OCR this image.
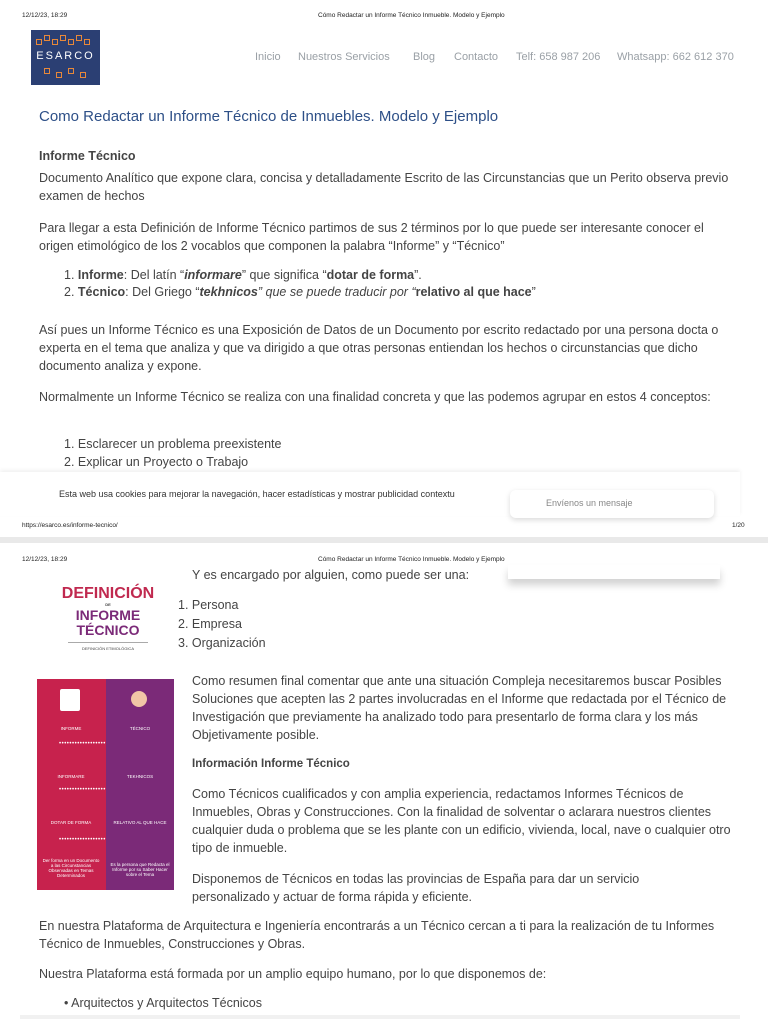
12/12/23, 18:29	Cómo Redactar un Informe Técnico Inmueble. Modelo y Ejemplo
ESARCO	Inicio Nuestros Servicios Blog Contacto Telf: 658 987 206 Whatsapp: 662 612 370
Como Redactar un Informe Técnico de Inmuebles. Modelo y Ejemplo
Informe Técnico
Documento Analítico que expone clara, concisa y detalladamente Escrito de las Circunstancias que un Perito observa previo examen de hechos
Para llegar a esta Definición de Informe Técnico partimos de sus 2 términos por lo que puede ser interesante conocer el origen etimológico de los 2 vocablos que componen la palabra “Informe” y “Técnico”
1. Informe: Del latín “informare” que significa “dotar de forma”.
2. Técnico: Del Griego “tekhnicos” que se puede traducir por “relativo al que hace”
Así pues un Informe Técnico es una Exposición de Datos de un Documento por escrito redactado por una persona docta o experta en el tema que analiza y que va dirigido a que otras personas entiendan los hechos o circunstancias que dicho documento analiza y expone.
Normalmente un Informe Técnico se realiza con una finalidad concreta y que las podemos agrupar en estos 4 conceptos:
1. Esclarecer un problema preexistente
2. Explicar un Proyecto o Trabajo
Esta web usa cookies para mejorar la navegación, hacer estadísticas y mostrar publicidad contextu
Envíenos un mensaje
https://esarco.es/informe-tecnico/	1/20
12/12/23, 18:29	Cómo Redactar un Informe Técnico Inmueble. Modelo y Ejemplo
DEFINICIÓN
DE
INFORME
TÉCNICO
DEFINICIÓN ETIMOLÓGICA
INFORME	TÉCNICO
••••••••••••••••••
INFORMARE	TEKHNICOS
••••••••••••••••••
DOTAR DE FORMA	RELATIVO AL QUE HACE
••••••••••••••••••
Der forma en un Documento a las Circunstancias Observadas en Temas Determinados
Es la persona que Redacta el Informe por su Saber Hacer sobre el Tema
Y es encargado por alguien, como puede ser una:
1. Persona
2. Empresa
3. Organización
Como resumen final comentar que ante una situación Compleja necesitaremos buscar Posibles Soluciones que acepten las 2 partes involucradas en el Informe que redactada por el Técnico de Investigación que previamente ha analizado todo para presentarlo de forma clara y los más Objetivamente posible.
Información Informe Técnico
Como Técnicos cualificados y con amplia experiencia, redactamos Informes Técnicos de Inmuebles, Obras y Construcciones. Con la finalidad de solventar o aclarara nuestros clientes cualquier duda o problema que se les plante con un edificio, vivienda, local, nave o cualquier otro tipo de inmueble.
Disponemos de Técnicos en todas las provincias de España para dar un servicio personalizado y actuar de forma rápida y eficiente.
En nuestra Plataforma de Arquitectura e Ingeniería encontrarás a un Técnico cercan a ti para la realización de tu Informes Técnico de Inmuebles, Construcciones y Obras.
Nuestra Plataforma está formada por un amplio equipo humano, por lo que disponemos de:
• Arquitectos y Arquitectos Técnicos
